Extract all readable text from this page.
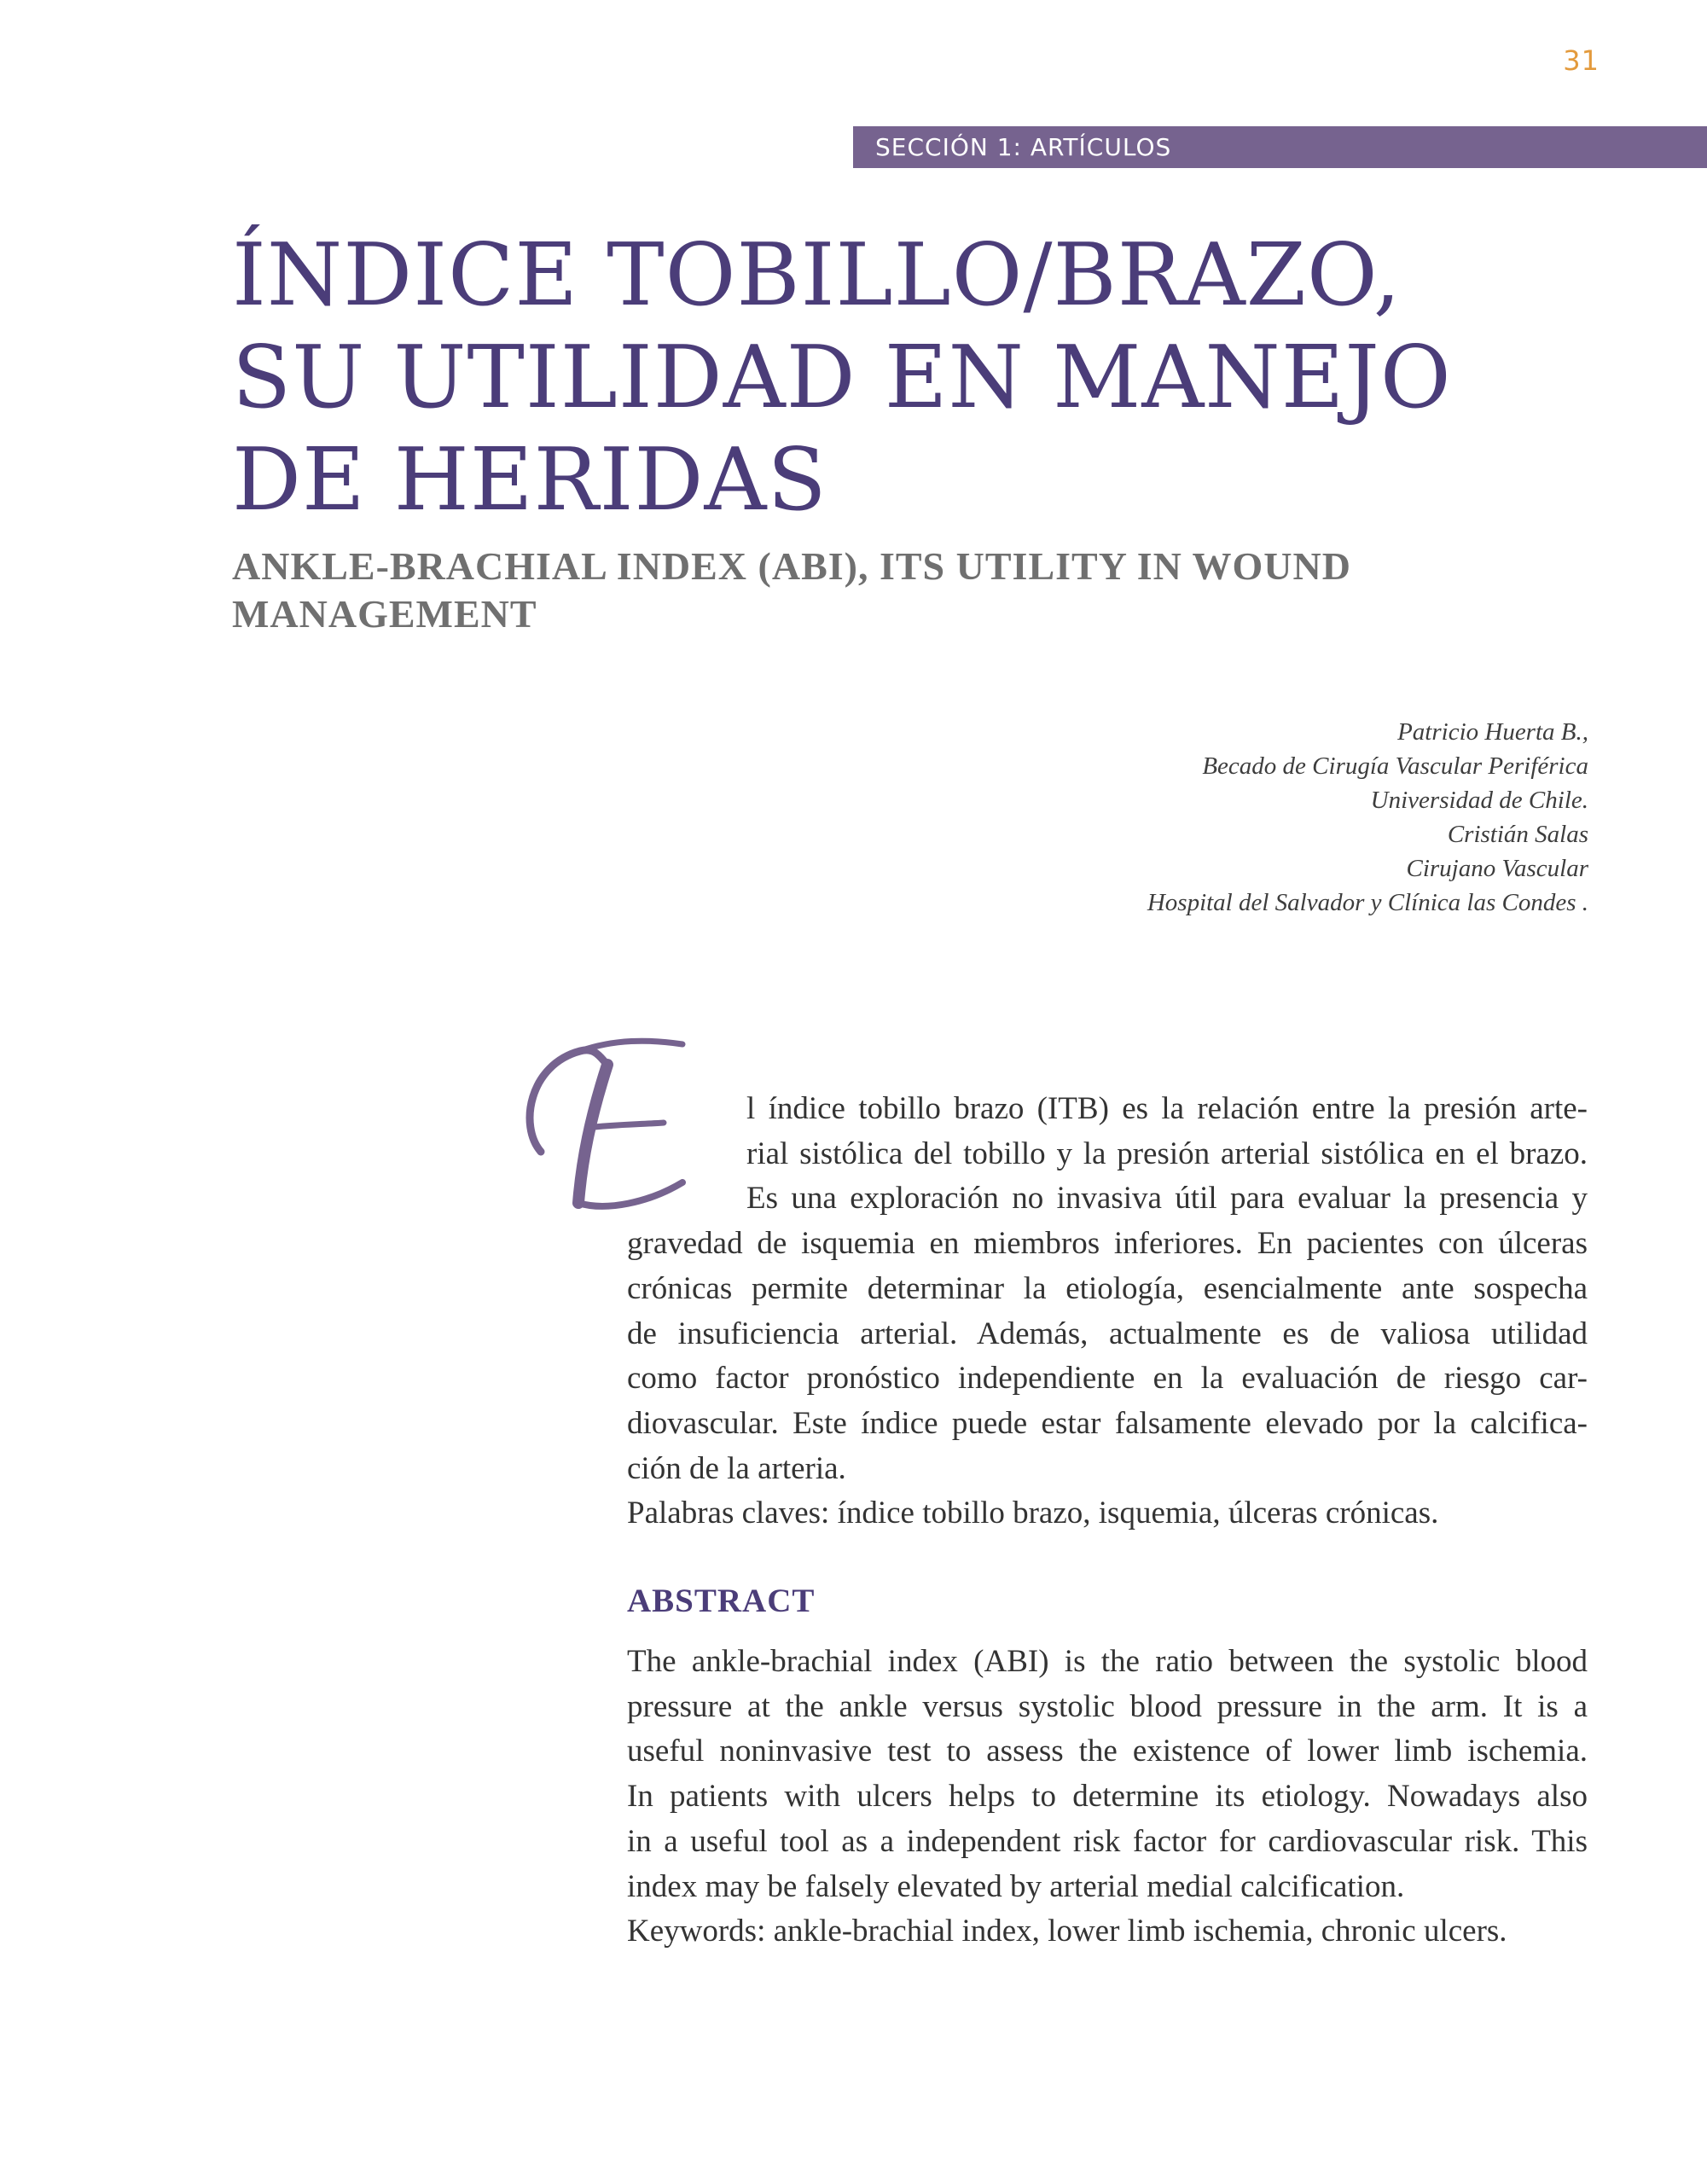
31
SECCIÓN 1: ARTÍCULOS
ÍNDICE TOBILLO/BRAZO,
SU UTILIDAD EN MANEJO
DE HERIDAS
ANKLE-BRACHIAL INDEX (ABI), ITS UTILITY IN WOUND
MANAGEMENT
Patricio Huerta B.,
Becado de Cirugía Vascular Periférica
Universidad de Chile.
Cristián Salas
Cirujano Vascular
Hospital del Salvador y Clínica las Condes .
l índice tobillo brazo (ITB) es la relación entre la presión arte-
rial sistólica del tobillo y la presión arterial sistólica en el brazo.
Es una exploración no invasiva útil para evaluar la presencia y
gravedad de isquemia en miembros inferiores. En pacientes con úlceras
crónicas permite determinar la etiología, esencialmente ante sospecha
de insuficiencia arterial. Además, actualmente es de valiosa utilidad
como factor pronóstico independiente en la evaluación de riesgo car-
diovascular. Este índice puede estar falsamente elevado por la calcifica-
ción de la arteria.
Palabras claves: índice tobillo brazo, isquemia, úlceras crónicas.
ABSTRACT
The ankle-brachial index (ABI) is the ratio between the systolic blood
pressure at the ankle versus systolic blood pressure in the arm. It is a
useful noninvasive test to assess the existence of lower limb ischemia.
In patients with ulcers helps to determine its etiology. Nowadays also
in a useful tool as a independent risk factor for cardiovascular risk. This
index may be falsely elevated by arterial medial calcification.
Keywords: ankle-brachial index, lower limb ischemia, chronic ulcers.
